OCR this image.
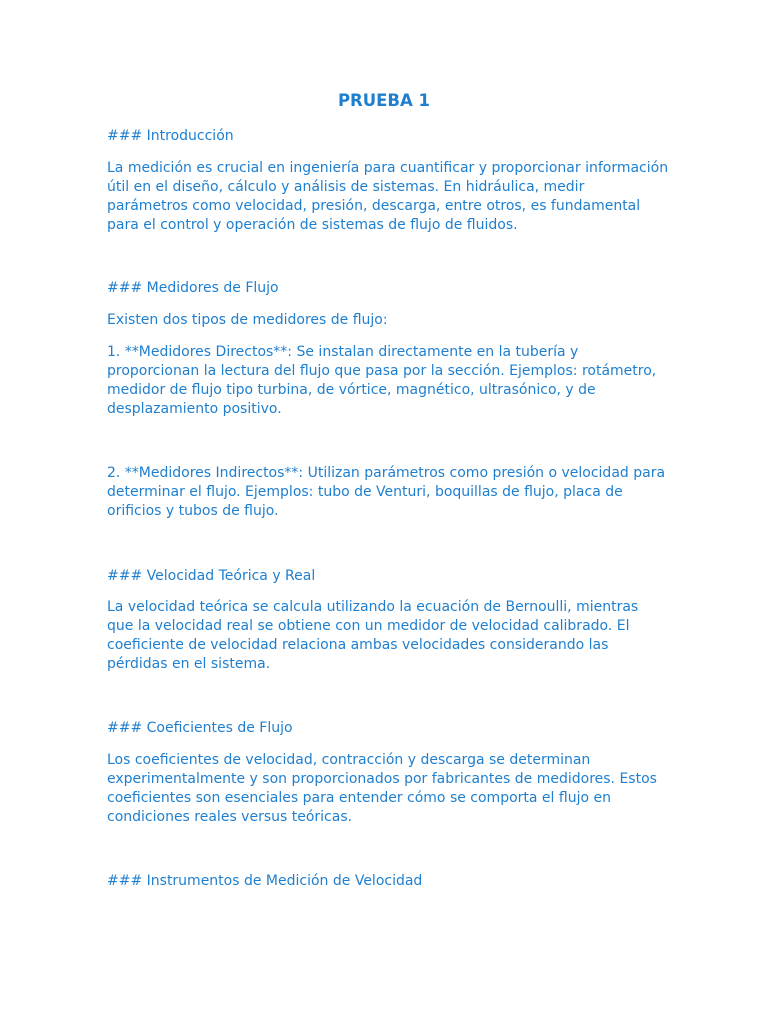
PRUEBA 1

### Introducción

La medición es crucial en ingeniería para cuantificar y proporcionar información
útil en el diseño, cálculo y análisis de sistemas. En hidráulica, medir
parámetros como velocidad, presión, descarga, entre otros, es fundamental
para el control y operación de sistemas de flujo de fluidos.

### Medidores de Flujo

Existen dos tipos de medidores de flujo:

1. **Medidores Directos**: Se instalan directamente en la tubería y
proporcionan la lectura del flujo que pasa por la sección. Ejemplos: rotámetro,
medidor de flujo tipo turbina, de vórtice, magnético, ultrasónico, y de
desplazamiento positivo.

2. **Medidores Indirectos**: Utilizan parámetros como presión o velocidad para
determinar el flujo. Ejemplos: tubo de Venturi, boquillas de flujo, placa de
orificios y tubos de flujo.

### Velocidad Teórica y Real

La velocidad teórica se calcula utilizando la ecuación de Bernoulli, mientras
que la velocidad real se obtiene con un medidor de velocidad calibrado. El
coeficiente de velocidad relaciona ambas velocidades considerando las
pérdidas en el sistema.

### Coeficientes de Flujo

Los coeficientes de velocidad, contracción y descarga se determinan
experimentalmente y son proporcionados por fabricantes de medidores. Estos
coeficientes son esenciales para entender cómo se comporta el flujo en
condiciones reales versus teóricas.

### Instrumentos de Medición de Velocidad
